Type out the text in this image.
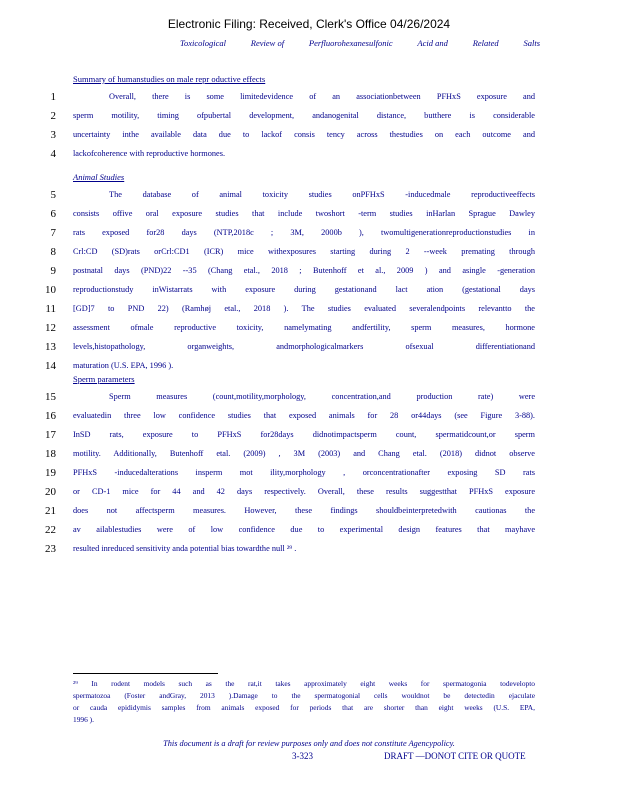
Electronic Filing: Received, Clerk's Office 04/26/2024
Toxicological	Review of	Perfluorohexanesulfonic	Acid and	Related	Salts
Summary of humanstudies on male repr oductive effects
1	Overall, there is some limitedevidence of an associationbetween PFHxS exposure and
2 sperm motility, timing ofpubertal development, andanogenital distance, butthere is considerable
3 uncertainty inthe available data due to lackof consis tency across thestudies on each outcome and
4 lackofcoherence with reproductive hormones.
Animal Studies
5	The database of animal toxicity studies onPFHxS -inducedmale reproductiveeffects
6 consists offive oral exposure studies that include twoshort -term studies inHarlan Sprague Dawley
7 rats exposed for28 days (NTP,2018c ; 3M, 2000b ), twomultigenerationreproductionstudies in
8 Crl:CD (SD)rats orCrl:CD1 (ICR) mice withexposures starting during 2 --week premating through
9 postnatal days (PND)22 --35 (Chang etal., 2018 ; Butenhoff et al., 2009 ) and asingle -generation
10 reproductionstudy inWistarrats with exposure during gestationand lact ation (gestational days
11 [GD]7 to PND 22) (Ramhøj etal., 2018 ). The studies evaluated severalendpoints relevantto the
12 assessment ofmale reproductive toxicity, namelymating andfertility, sperm measures, hormone
13 levels,histopathology, organweights, andmorphologicalmarkers ofsexual differentiationand
14 maturation (U.S. EPA, 1996 ).
Sperm parameters
15	Sperm measures (count,motility,morphology, concentration,and production rate) were
16 evaluatedin three low confidence studies that exposed animals for 28 or44days (see Figure 3-88).
17 InSD rats, exposure to PFHxS for28days didnotimpactsperm count, spermatidcount,or sperm
18 motility. Additionally, Butenhoff etal. (2009) , 3M (2003) and Chang etal. (2018) didnot observe
19 PFHxS -inducedalterations insperm mot ility,morphology , orconcentrationafter exposing SD rats
20 or CD-1 mice for 44 and 42 days respectively. Overall, these results suggestthat PFHxS exposure
21 does not affectsperm measures. However, these findings shouldbeinterpretedwith cautionas the
22 av ailablestudies were of low confidence due to experimental design features that mayhave
23 resulted inreduced sensitivity anda potential bias towardthe null ²⁹ .
²⁹ In rodent models such as the rat,it takes approximately eight weeks for spermatogonia todevelopto
spermatozoa (Foster andGray, 2013 ).Damage to the spermatogonial cells wouldnot be detectedin ejaculate
or cauda epididymis samples from animals exposed for periods that are shorter than eight weeks (U.S. EPA,
1996 ).
This document is a draft for review purposes only and does not constitute Agencypolicy.
3-323	DRAFT —DONOT CITE OR QUOTE
